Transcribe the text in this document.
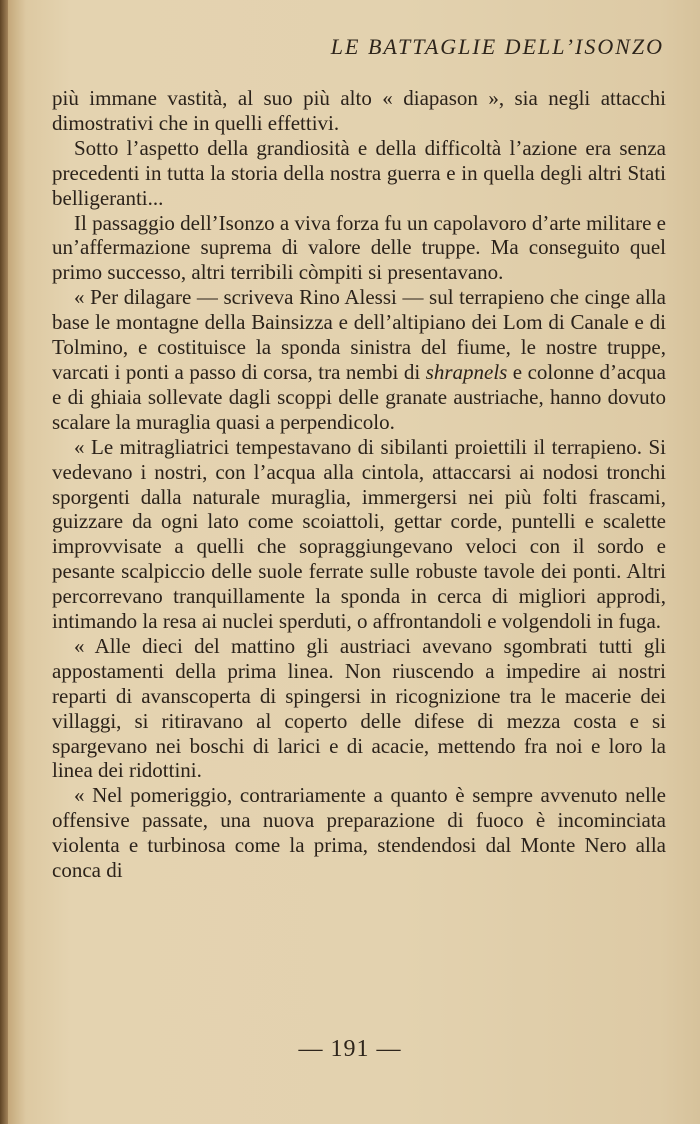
LE BATTAGLIE DELL’ISONZO

più immane vastità, al suo più alto « diapason », sia negli attacchi dimostrativi che in quelli effettivi.

Sotto l’aspetto della grandiosità e della difficoltà l’azione era senza precedenti in tutta la storia della nostra guerra e in quella degli altri Stati belligeranti...

Il passaggio dell’Isonzo a viva forza fu un capolavoro d’arte militare e un’affermazione suprema di valore delle truppe. Ma conseguito quel primo successo, altri terribili còmpiti si presentavano.

« Per dilagare — scriveva Rino Alessi — sul terrapieno che cinge alla base le montagne della Bainsizza e dell’altipiano dei Lom di Canale e di Tolmino, e costituisce la sponda sinistra del fiume, le nostre truppe, varcati i ponti a passo di corsa, tra nembi di shrapnels e colonne d’acqua e di ghiaia sollevate dagli scoppi delle granate austriache, hanno dovuto scalare la muraglia quasi a perpendicolo.

« Le mitragliatrici tempestavano di sibilanti proiettili il terrapieno. Si vedevano i nostri, con l’acqua alla cintola, attaccarsi ai nodosi tronchi sporgenti dalla naturale muraglia, immergersi nei più folti frascami, guizzare da ogni lato come scoiattoli, gettar corde, puntelli e scalette improvvisate a quelli che sopraggiungevano veloci con il sordo e pesante scalpiccio delle suole ferrate sulle robuste tavole dei ponti. Altri percorrevano tranquillamente la sponda in cerca di migliori approdi, intimando la resa ai nuclei sperduti, o affrontandoli e volgendoli in fuga.

« Alle dieci del mattino gli austriaci avevano sgombrati tutti gli appostamenti della prima linea. Non riuscendo a impedire ai nostri reparti di avanscoperta di spingersi in ricognizione tra le macerie dei villaggi, si ritiravano al coperto delle difese di mezza costa e si spargevano nei boschi di larici e di acacie, mettendo fra noi e loro la linea dei ridottini.

« Nel pomeriggio, contrariamente a quanto è sempre avvenuto nelle offensive passate, una nuova preparazione di fuoco è incominciata violenta e turbinosa come la prima, stendendosi dal Monte Nero alla conca di

— 191 —
